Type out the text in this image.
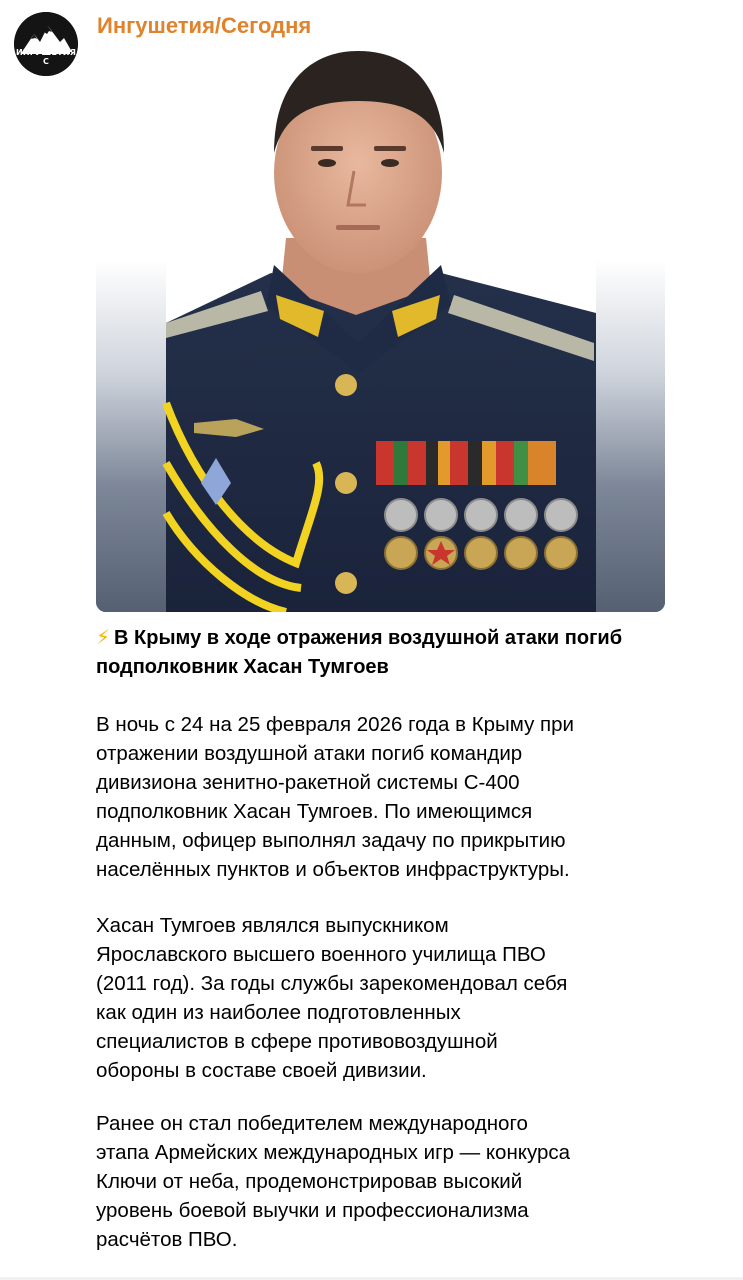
ИНГУШЕТИЯ С
Ингушетия/Сегодня

⚡ В Крыму в ходе отражения воздушной атаки погиб подполковник Хасан Тумгоев

В ночь с 24 на 25 февраля 2026 года в Крыму при
отражении воздушной атаки погиб командир
дивизиона зенитно-ракетной системы С-400
подполковник Хасан Тумгоев. По имеющимся
данным, офицер выполнял задачу по прикрытию
населённых пунктов и объектов инфраструктуры.
Хасан Тумгоев являлся выпускником
Ярославского высшего военного училища ПВО
(2011 год). За годы службы зарекомендовал себя
как один из наиболее подготовленных
специалистов в сфере противовоздушной
обороны в составе своей дивизии.
Ранее он стал победителем международного
этапа Армейских международных игр — конкурса
Ключи от неба, продемонстрировав высокий
уровень боевой выучки и профессионализма
расчётов ПВО.
